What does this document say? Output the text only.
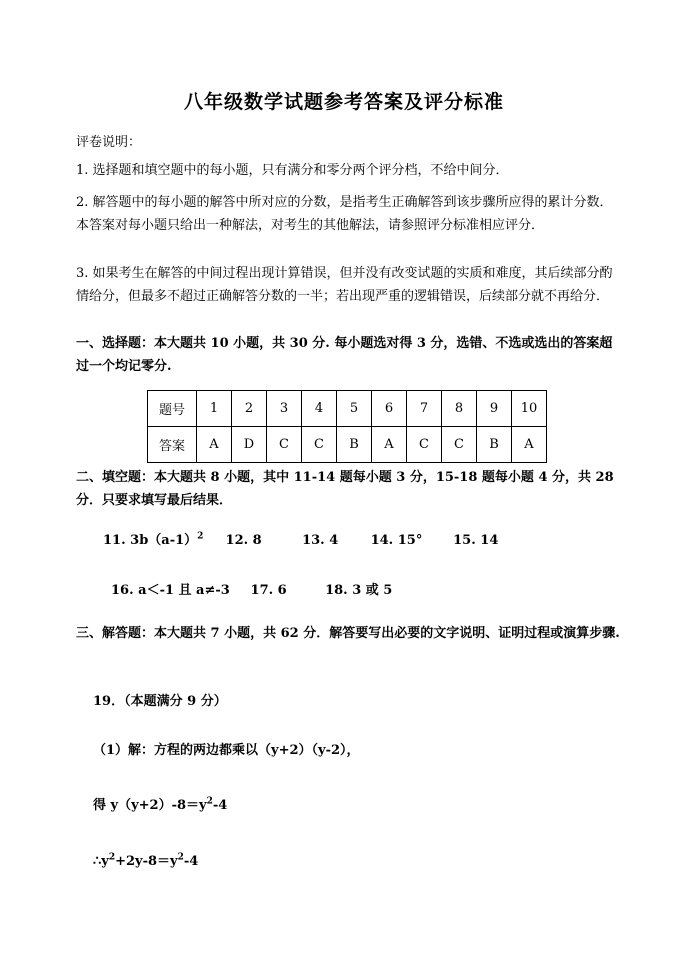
八年级数学试题参考答案及评分标准
评卷说明：
1. 选择题和填空题中的每小题，只有满分和零分两个评分档，不给中间分．
2. 解答题中的每小题的解答中所对应的分数，是指考生正确解答到该步骤所应得的累计分数．本答案对每小题只给出一种解法，对考生的其他解法，请参照评分标准相应评分．
3. 如果考生在解答的中间过程出现计算错误，但并没有改变试题的实质和难度，其后续部分酌情给分，但最多不超过正确解答分数的一半；若出现严重的逻辑错误，后续部分就不再给分．
一、选择题：本大题共 10 小题，共 30 分. 每小题选对得 3 分，选错、不选或选出的答案超过一个均记零分.
题号	1	2	3	4	5	6	7	8	9	10
答案	A	D	C	C	B	A	C	C	B	A
二、填空题：本大题共 8 小题，其中 11-14 题每小题 3 分，15-18 题每小题 4 分，共 28 分．只要求填写最后结果．
11. $3b(a-1)^2$ 12. 8	13. 4 14. 15° 15. 14
16. a＜-1 且 a≠-3 17. 6	18. 3 或 5
三、解答题：本大题共 7 小题，共 62 分．解答要写出必要的文字说明、证明过程或演算步骤.
19．（本题满分 9 分）
（1）解：方程的两边都乘以（y+2）（y-2），
得 $y(y+2)-8=y^2-4$
$\therefore y^2+2y-8=y^2-4$
